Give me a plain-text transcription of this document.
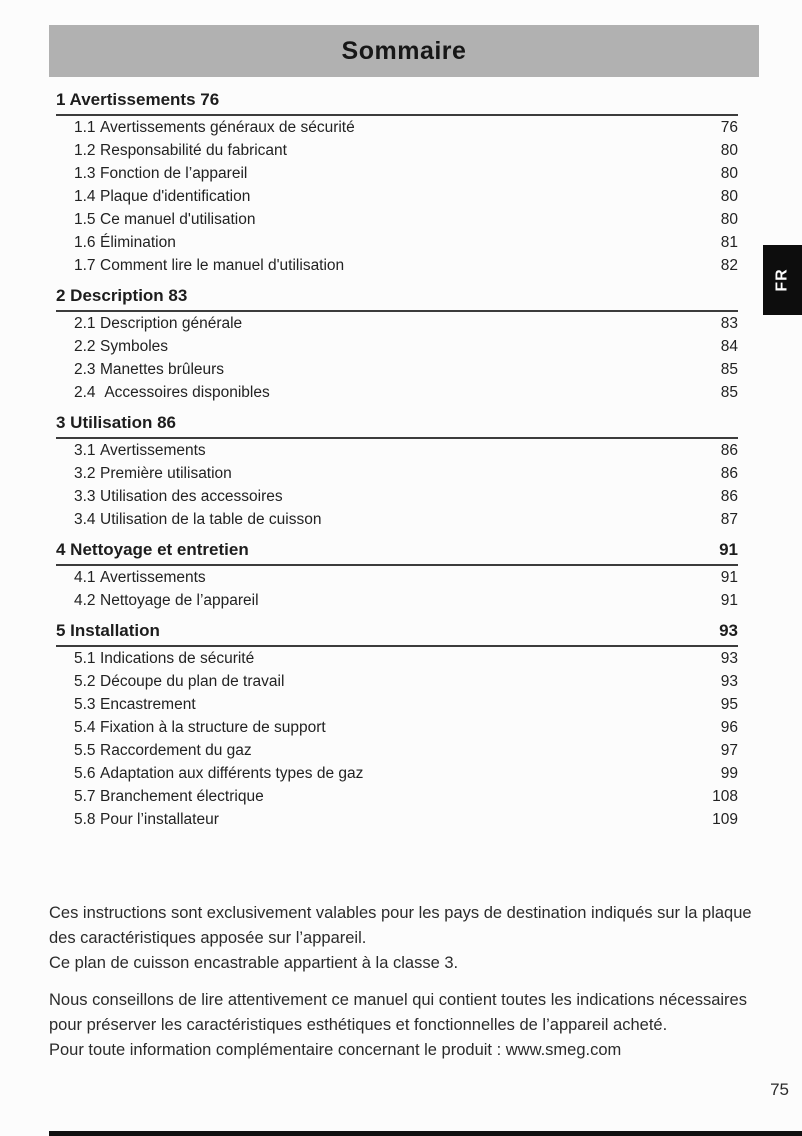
Sommaire
FR
1 Avertissements 76
1.1 Avertissements généraux de sécurité	76
1.2 Responsabilité du fabricant	80
1.3 Fonction de l’appareil	80
1.4 Plaque d'identification	80
1.5 Ce manuel d'utilisation	80
1.6 Élimination	81
1.7 Comment lire le manuel d'utilisation	82
2 Description 83
2.1 Description générale	83
2.2 Symboles	84
2.3 Manettes brûleurs	85
2.4 Accessoires disponibles	85
3 Utilisation 86
3.1 Avertissements	86
3.2 Première utilisation	86
3.3 Utilisation des accessoires	86
3.4 Utilisation de la table de cuisson	87
4 Nettoyage et entretien	91
4.1 Avertissements	91
4.2 Nettoyage de l’appareil	91
5 Installation	93
5.1 Indications de sécurité	93
5.2 Découpe du plan de travail	93
5.3 Encastrement	95
5.4 Fixation à la structure de support	96
5.5 Raccordement du gaz	97
5.6 Adaptation aux différents types de gaz	99
5.7 Branchement électrique	108
5.8 Pour l’installateur	109

Ces instructions sont exclusivement valables pour les pays de destination indiqués sur la plaque des caractéristiques apposée sur l’appareil.

Ce plan de cuisson encastrable appartient à la classe 3.

Nous conseillons de lire attentivement ce manuel qui contient toutes les indications nécessaires pour préserver les caractéristiques esthétiques et fonctionnelles de l’appareil acheté.

Pour toute information complémentaire concernant le produit : www.smeg.com

75
